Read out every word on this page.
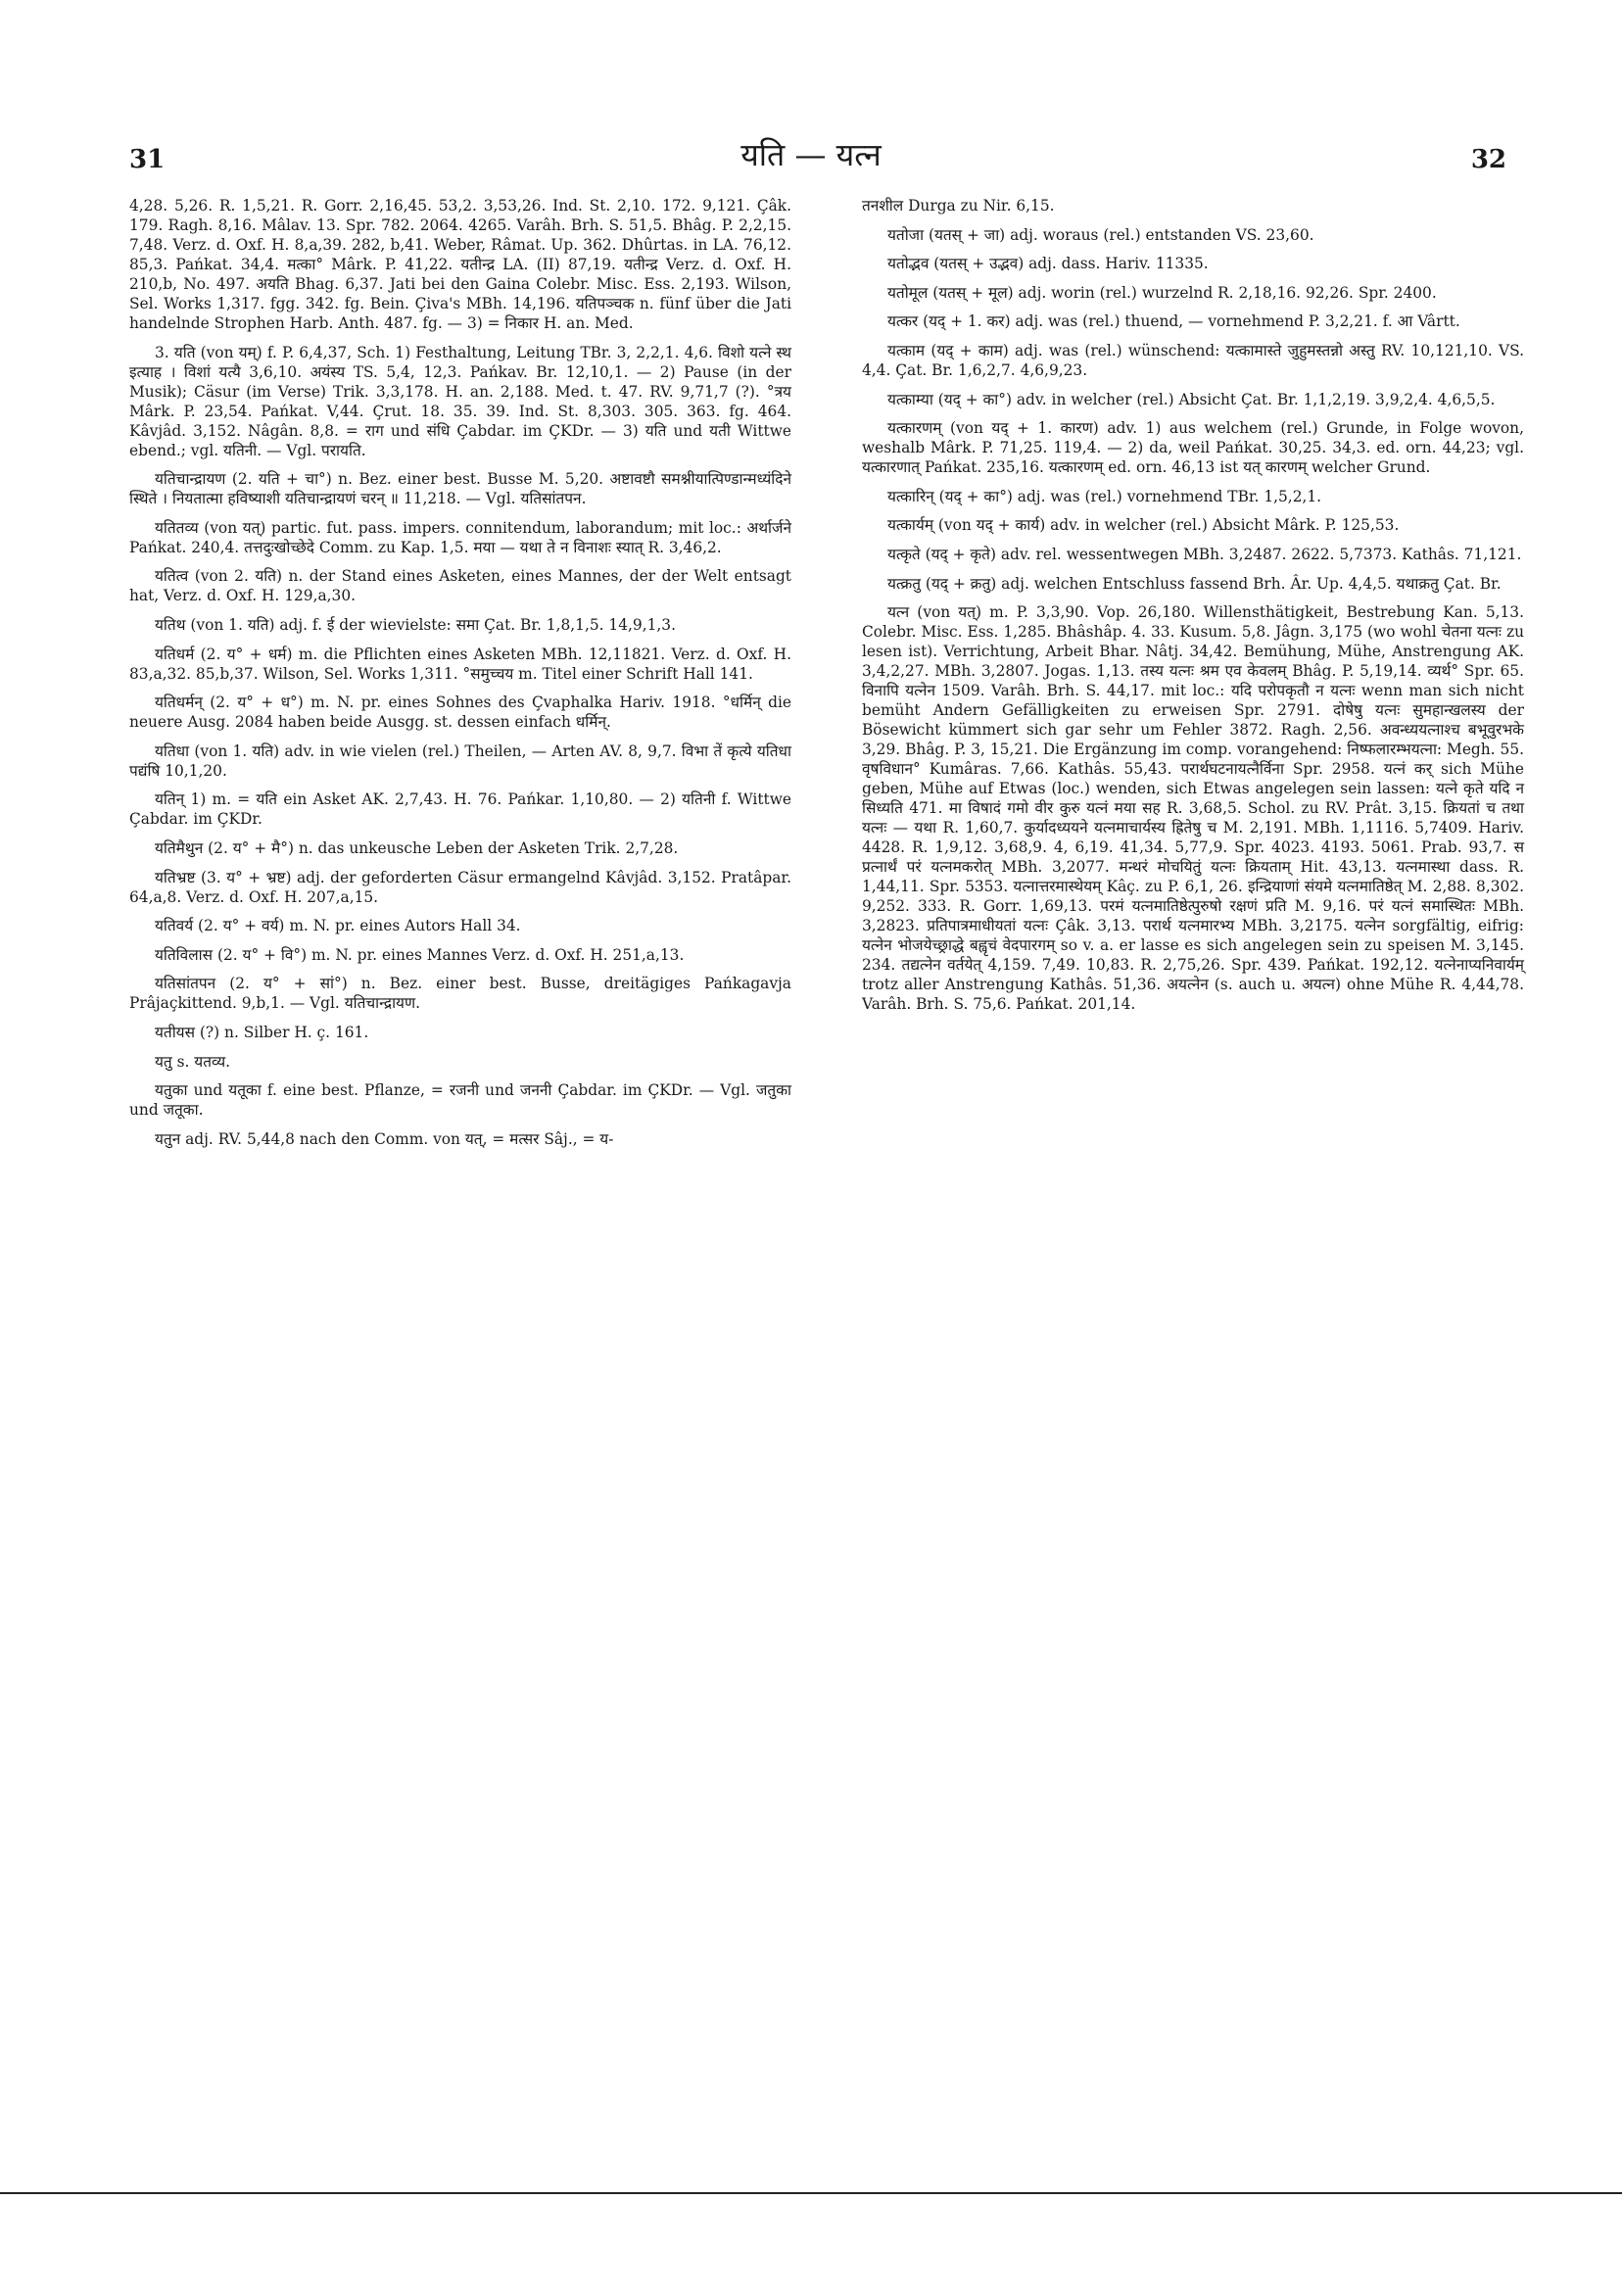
31	यति — यत्न	32

4,28. 5,26. R. 1,5,21. R. Gorr. 2,16,45. 53,2. 3,53,26. Ind. St. 2,10. 172. 9,121. Çâk. 179. Ragh. 8,16. Mâlav. 13. Spr. 782. 2064. 4265. Varâh. Brh. S. 51,5. Bhâg. P. 2,2,15. 7,48. Verz. d. Oxf. H. 8,a,39. 282, b,41. Weber, Râmat. Up. 362. Dhûrtas. in LA. 76,12. 85,3. Pańkat. 34,4. मत्का° Mârk. P. 41,22. यतीन्द्र LA. (II) 87,19. यतीन्द्र Verz. d. Oxf. H. 210,b, No. 497. अयति Bhag. 6,37. Jati bei den Gaina Colebr. Misc. Ess. 2,193. Wilson, Sel. Works 1,317. fgg. 342. fg. Bein. Çiva's MBh. 14,196. यतिपञ्चक n. fünf über die Jati handelnde Strophen Harb. Anth. 487. fg. — 3) = निकार H. an. Med.

3. यति (von यम्) f. P. 6,4,37, Sch. 1) Festhaltung, Leitung TBr. 3, 2,2,1. 4,6. विशो यत्ने स्थ इत्याह । विशां यत्यै 3,6,10. अयंस्य TS. 5,4, 12,3. Pańkav. Br. 12,10,1. — 2) Pause (in der Musik); Cäsur (im Verse) Trik. 3,3,178. H. an. 2,188. Med. t. 47. RV. 9,71,7 (?). °त्रय Mârk. P. 23,54. Pańkat. V,44. Çrut. 18. 35. 39. Ind. St. 8,303. 305. 363. fg. 464. Kâvjâd. 3,152. Nâgân. 8,8. = राग und संधि Çabdar. im ÇKDr. — 3) यति und यती Wittwe ebend.; vgl. यतिनी. — Vgl. परायति.

यतिचान्द्रायण (2. यति + चा°) n. Bez. einer best. Busse M. 5,20. अष्टावष्टौ समश्नीयात्पिण्डान्मध्यंदिने स्थिते । नियतात्मा हविष्याशी यतिचान्द्रायणं चरन् ॥ 11,218. — Vgl. यतिसांतपन.

यतितव्य (von यत्) partic. fut. pass. impers. connitendum, laborandum; mit loc.: अर्थार्जने Pańkat. 240,4. तत्तदुःखोच्छेदे Comm. zu Kap. 1,5. मया — यथा ते न विनाशः स्यात् R. 3,46,2.

यतित्व (von 2. यति) n. der Stand eines Asketen, eines Mannes, der der Welt entsagt hat, Verz. d. Oxf. H. 129,a,30.

यतिथ (von 1. यति) adj. f. ई der wievielste: समा Çat. Br. 1,8,1,5. 14,9,1,3.

यतिधर्म (2. य° + धर्म) m. die Pflichten eines Asketen MBh. 12,11821. Verz. d. Oxf. H. 83,a,32. 85,b,37. Wilson, Sel. Works 1,311. °समुच्चय m. Titel einer Schrift Hall 141.

यतिधर्मन् (2. य° + ध°) m. N. pr. eines Sohnes des Çvaphalka Hariv. 1918. °धर्मिन् die neuere Ausg. 2084 haben beide Ausgg. st. dessen einfach धर्मिन्.

यतिधा (von 1. यति) adv. in wie vielen (rel.) Theilen, — Arten AV. 8, 9,7. विभा तें कृत्ये यतिधा पद्यंषि 10,1,20.

यतिन् 1) m. = यति ein Asket AK. 2,7,43. H. 76. Pańkar. 1,10,80. — 2) यतिनी f. Wittwe Çabdar. im ÇKDr.

यतिमैथुन (2. य° + मै°) n. das unkeusche Leben der Asketen Trik. 2,7,28.

यतिभ्रष्ट (3. य° + भ्रष्ट) adj. der geforderten Cäsur ermangelnd Kâvjâd. 3,152. Pratâpar. 64,a,8. Verz. d. Oxf. H. 207,a,15.

यतिवर्य (2. य° + वर्य) m. N. pr. eines Autors Hall 34.

यतिविलास (2. य° + वि°) m. N. pr. eines Mannes Verz. d. Oxf. H. 251,a,13.

यतिसांतपन (2. य° + सां°) n. Bez. einer best. Busse, dreitägiges Pańkagavja Prâjaçkittend. 9,b,1. — Vgl. यतिचान्द्रायण.

यतीयस (?) n. Silber H. ç. 161.

यतु s. यतव्य.

यतुका und यतूका f. eine best. Pflanze, = रजनी und जननी Çabdar. im ÇKDr. — Vgl. जतुका und जतूका.

यतुन adj. RV. 5,44,8 nach den Comm. von यत्, = मत्सर Sâj., = य-

तनशील Durga zu Nir. 6,15.

यतोजा (यतस् + जा) adj. woraus (rel.) entstanden VS. 23,60.

यतोद्भव (यतस् + उद्भव) adj. dass. Hariv. 11335.

यतोमूल (यतस् + मूल) adj. worin (rel.) wurzelnd R. 2,18,16. 92,26. Spr. 2400.

यत्कर (यद् + 1. कर) adj. was (rel.) thuend, — vornehmend P. 3,2,21. f. आ Vârtt.

यत्काम (यद् + काम) adj. was (rel.) wünschend: यत्कामास्ते जुहुमस्तन्नो अस्तु RV. 10,121,10. VS. 4,4. Çat. Br. 1,6,2,7. 4,6,9,23.

यत्काम्या (यद् + का°) adv. in welcher (rel.) Absicht Çat. Br. 1,1,2,19. 3,9,2,4. 4,6,5,5.

यत्कारणम् (von यद् + 1. कारण) adv. 1) aus welchem (rel.) Grunde, in Folge wovon, weshalb Mârk. P. 71,25. 119,4. — 2) da, weil Pańkat. 30,25. 34,3. ed. orn. 44,23; vgl. यत्कारणात् Pańkat. 235,16. यत्कारणम् ed. orn. 46,13 ist यत् कारणम् welcher Grund.

यत्कारिन् (यद् + का°) adj. was (rel.) vornehmend TBr. 1,5,2,1.

यत्कार्यम् (von यद् + कार्य) adv. in welcher (rel.) Absicht Mârk. P. 125,53.

यत्कृते (यद् + कृते) adv. rel. wessentwegen MBh. 3,2487. 2622. 5,7373. Kathâs. 71,121.

यत्क्रतु (यद् + क्रतु) adj. welchen Entschluss fassend Brh. Âr. Up. 4,4,5. यथाक्रतु Çat. Br.

यत्न (von यत्) m. P. 3,3,90. Vop. 26,180. Willensthätigkeit, Bestrebung Kan. 5,13. Colebr. Misc. Ess. 1,285. Bhâshâp. 4. 33. Kusum. 5,8. Jâgn. 3,175 (wo wohl चेतना यत्नः zu lesen ist). Verrichtung, Arbeit Bhar. Nâtj. 34,42. Bemühung, Mühe, Anstrengung AK. 3,4,2,27. MBh. 3,2807. Jogas. 1,13. तस्य यत्नः श्रम एव केवलम् Bhâg. P. 5,19,14. व्यर्थ° Spr. 65. विनापि यत्नेन 1509. Varâh. Brh. S. 44,17. mit loc.: यदि परोपकृतौ न यत्नः wenn man sich nicht bemüht Andern Gefälligkeiten zu erweisen Spr. 2791. दोषेषु यत्नः सुमहान्खलस्य der Bösewicht kümmert sich gar sehr um Fehler 3872. Ragh. 2,56. अवन्ध्ययत्नाश्च बभूवुरभके 3,29. Bhâg. P. 3, 15,21. Die Ergänzung im comp. vorangehend: निष्फलारम्भयत्ना: Megh. 55. वृषविधान° Kumâras. 7,66. Kathâs. 55,43. परार्थघटनायत्नैर्विना Spr. 2958. यत्नं कर् sich Mühe geben, Mühe auf Etwas (loc.) wenden, sich Etwas angelegen sein lassen: यत्ने कृते यदि न सिध्यति 471. मा विषादं गमो वीर कुरु यत्नं मया सह R. 3,68,5. Schol. zu RV. Prât. 3,15. क्रियतां च तथा यत्नः — यथा R. 1,60,7. कुर्यादध्ययने यत्नमाचार्यस्य ह्रितेषु च M. 2,191. MBh. 1,1116. 5,7409. Hariv. 4428. R. 1,9,12. 3,68,9. 4, 6,19. 41,34. 5,77,9. Spr. 4023. 4193. 5061. Prab. 93,7. स प्रत्नार्थं परं यत्नमकरोत् MBh. 3,2077. मन्थरं मोचयितुं यत्नः क्रियताम् Hit. 43,13. यत्नमास्था dass. R. 1,44,11. Spr. 5353. यत्नात्तरमास्थेयम् Kâç. zu P. 6,1, 26. इन्द्रियाणां संयमे यत्नमातिष्ठेत् M. 2,88. 8,302. 9,252. 333. R. Gorr. 1,69,13. परमं यत्नमातिष्ठेत्पुरुषो रक्षणं प्रति M. 9,16. परं यत्नं समास्थितः MBh. 3,2823. प्रतिपात्रमाधीयतां यत्नः Çâk. 3,13. परार्थ यत्नमारभ्य MBh. 3,2175. यत्नेन sorgfältig, eifrig: यत्नेन भोजयेच्छ्राद्धे बह्वृचं वेदपारगम् so v. a. er lasse es sich angelegen sein zu speisen M. 3,145. 234. तद्यत्नेन वर्तयेत् 4,159. 7,49. 10,83. R. 2,75,26. Spr. 439. Pańkat. 192,12. यत्नेनाप्यनिवार्यम् trotz aller Anstrengung Kathâs. 51,36. अयत्नेन (s. auch u. अयत्न) ohne Mühe R. 4,44,78. Varâh. Brh. S. 75,6. Pańkat. 201,14.
